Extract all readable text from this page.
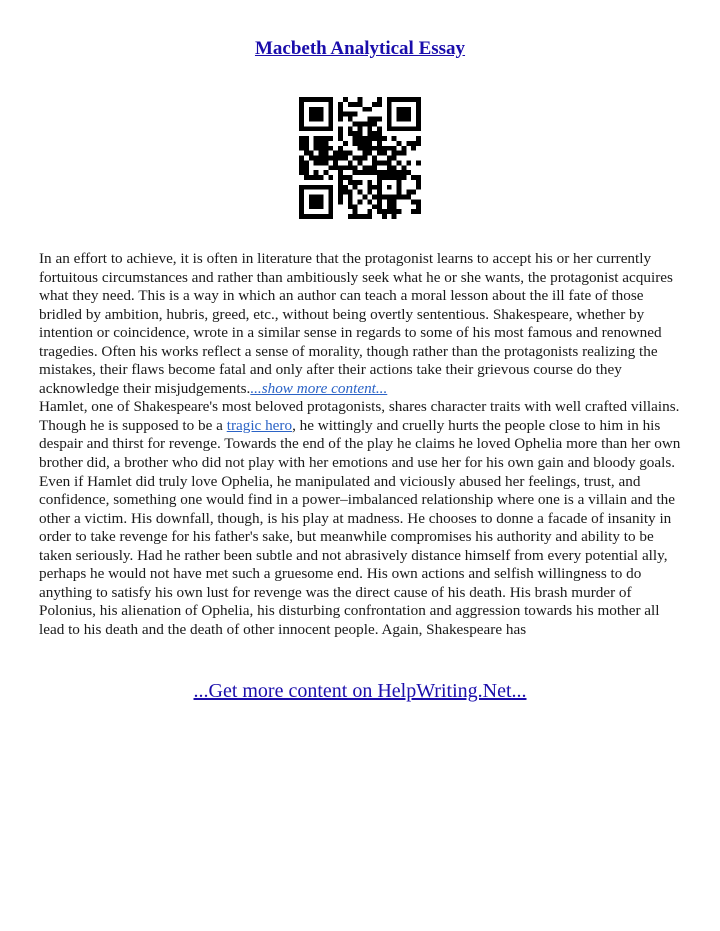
Macbeth Analytical Essay

In an effort to achieve, it is often in literature that the protagonist learns to accept his or her currently fortuitous circumstances and rather than ambitiously seek what he or she wants, the protagonist acquires what they need. This is a way in which an author can teach a moral lesson about the ill fate of those bridled by ambition, hubris, greed, etc., without being overtly sententious. Shakespeare, whether by intention or coincidence, wrote in a similar sense in regards to some of his most famous and renowned tragedies. Often his works reflect a sense of morality, though rather than the protagonists realizing the mistakes, their flaws become fatal and only after their actions take their grievous course do they acknowledge their misjudgements....show more content...
Hamlet, one of Shakespeare's most beloved protagonists, shares character traits with well crafted villains. Though he is supposed to be a tragic hero, he wittingly and cruelly hurts the people close to him in his despair and thirst for revenge. Towards the end of the play he claims he loved Ophelia more than her own brother did, a brother who did not play with her emotions and use her for his own gain and bloody goals. Even if Hamlet did truly love Ophelia, he manipulated and viciously abused her feelings, trust, and confidence, something one would find in a power–imbalanced relationship where one is a villain and the other a victim. His downfall, though, is his play at madness. He chooses to donne a facade of insanity in order to take revenge for his father's sake, but meanwhile compromises his authority and ability to be taken seriously. Had he rather been subtle and not abrasively distance himself from every potential ally, perhaps he would not have met such a gruesome end. His own actions and selfish willingness to do anything to satisfy his own lust for revenge was the direct cause of his death. His brash murder of Polonius, his alienation of Ophelia, his disturbing confrontation and aggression towards his mother all lead to his death and the death of other innocent people. Again, Shakespeare has

...Get more content on HelpWriting.Net...
